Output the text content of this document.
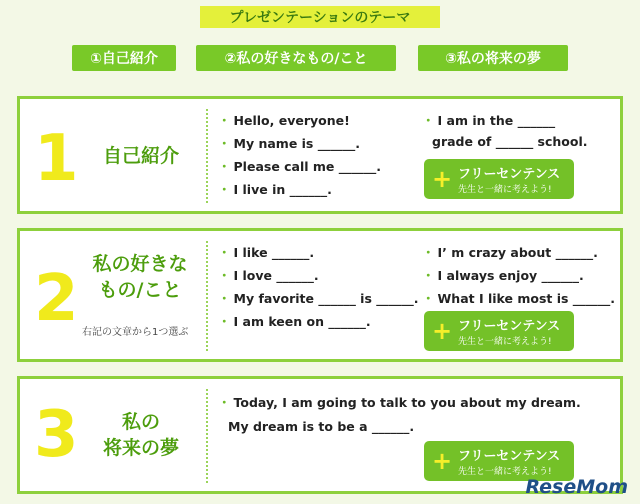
プレゼンテーションのテーマ
①自己紹介	②私の好きなもの/こと	③私の将来の夢
1	自己紹介
・ Hello, everyone!
・ My name is ______.
・ Please call me ______.
・ I live in ______.
・ I am in the ______
grade of ______ school.
+ フリーセンテンス
先生と一緒に考えよう!
2 私の好きな
もの/こと
右記の文章から1つ選ぶ
・ I like ______.
・ I love ______.
・ My favorite ______ is ______.
・ I am keen on ______.
・ I’ m crazy about ______.
・ I always enjoy ______.
・ What I like most is ______.
+ フリーセンテンス
先生と一緒に考えよう!
3	私の
将来の夢
・ Today, I am going to talk to you about my dream.
My dream is to be a ______.
+ フリーセンテンス
先生と一緒に考えよう!
ReseMom
